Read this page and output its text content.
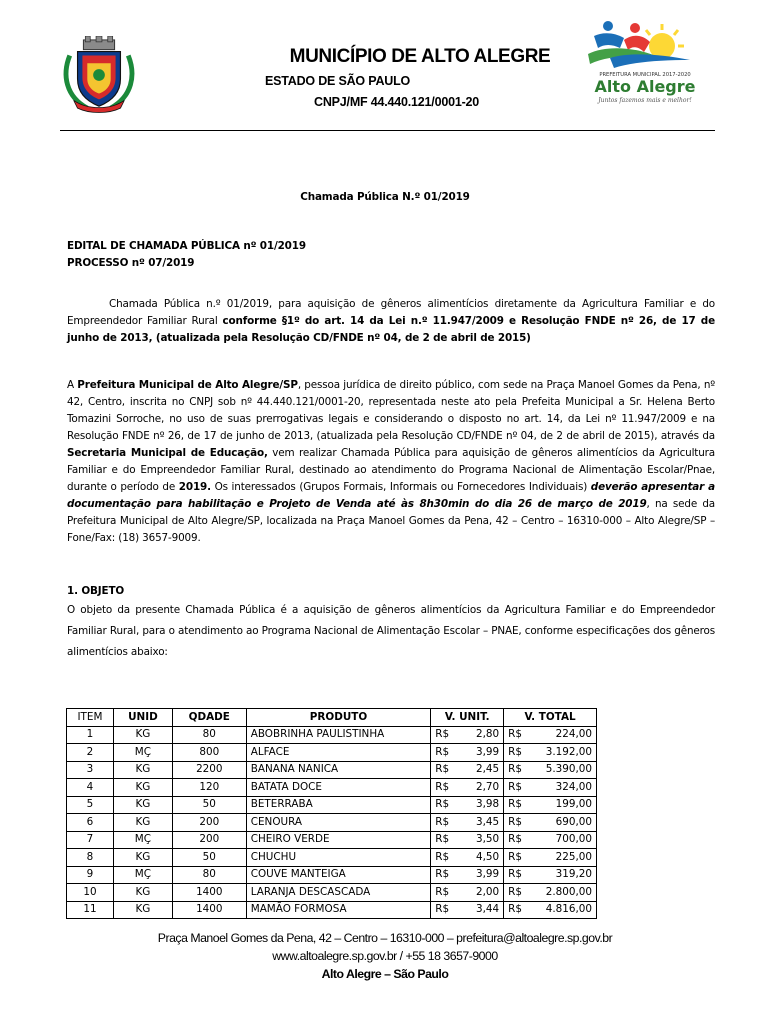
MUNICÍPIO DE ALTO ALEGRE
ESTADO DE SÃO PAULO
CNPJ/MF 44.440.121/0001-20
PREFEITURA MUNICIPAL 2017-2020
Alto Alegre
Juntos fazemos mais e melhor!
Chamada Pública N.º 01/2019
EDITAL DE CHAMADA PÚBLICA nº 01/2019
PROCESSO nº 07/2019
Chamada Pública n.º 01/2019, para aquisição de gêneros alimentícios diretamente da Agricultura Familiar e do Empreendedor Familiar Rural conforme §1º do art. 14 da Lei n.º 11.947/2009 e Resolução FNDE nº 26, de 17 de junho de 2013, (atualizada pela Resolução CD/FNDE nº 04, de 2 de abril de 2015)
A Prefeitura Municipal de Alto Alegre/SP, pessoa jurídica de direito público, com sede na Praça Manoel Gomes da Pena, nº 42, Centro, inscrita no CNPJ sob nº 44.440.121/0001-20, representada neste ato pela Prefeita Municipal a Sr. Helena Berto Tomazini Sorroche, no uso de suas prerrogativas legais e considerando o disposto no art. 14, da Lei nº 11.947/2009 e na Resolução FNDE nº 26, de 17 de junho de 2013, (atualizada pela Resolução CD/FNDE nº 04, de 2 de abril de 2015), através da Secretaria Municipal de Educação, vem realizar Chamada Pública para aquisição de gêneros alimentícios da Agricultura Familiar e do Empreendedor Familiar Rural, destinado ao atendimento do Programa Nacional de Alimentação Escolar/Pnae, durante o período de 2019. Os interessados (Grupos Formais, Informais ou Fornecedores Individuais) deverão apresentar a documentação para habilitação e Projeto de Venda até às 8h30min do dia 26 de março de 2019, na sede da Prefeitura Municipal de Alto Alegre/SP, localizada na Praça Manoel Gomes da Pena, 42 – Centro – 16310-000 – Alto Alegre/SP – Fone/Fax: (18) 3657-9009.
1. OBJETO
O objeto da presente Chamada Pública é a aquisição de gêneros alimentícios da Agricultura Familiar e do Empreendedor Familiar Rural, para o atendimento ao Programa Nacional de Alimentação Escolar – PNAE, conforme especificações dos gêneros alimentícios abaixo:
ITEM	UNID	QDADE	PRODUTO	V. UNIT.	V. TOTAL
1	KG	80	ABOBRINHA PAULISTINHA	R$ 2,80	R$ 224,00

2	MÇ	800	ALFACE	R$ 3,99	R$ 3.192,00

3	KG	2200	BANANA NANICA	R$ 2,45	R$ 5.390,00

4	KG	120	BATATA DOCE	R$ 2,70	R$ 324,00

5	KG	50	BETERRABA	R$ 3,98	R$ 199,00

6	KG	200	CENOURA	R$ 3,45	R$ 690,00

7	MÇ	200	CHEIRO VERDE	R$ 3,50	R$ 700,00

8	KG	50	CHUCHU	R$ 4,50	R$ 225,00

9	MÇ	80	COUVE MANTEIGA	R$ 3,99	R$ 319,20

10	KG	1400	LARANJA DESCASCADA	R$ 2,00	R$ 2.800,00

11	KG	1400	MAMÃO FORMOSA	R$ 3,44	R$ 4.816,00
Praça Manoel Gomes da Pena, 42 – Centro – 16310-000 – prefeitura@altoalegre.sp.gov.br
www.altoalegre.sp.gov.br / +55 18 3657-9000
Alto Alegre – São Paulo
